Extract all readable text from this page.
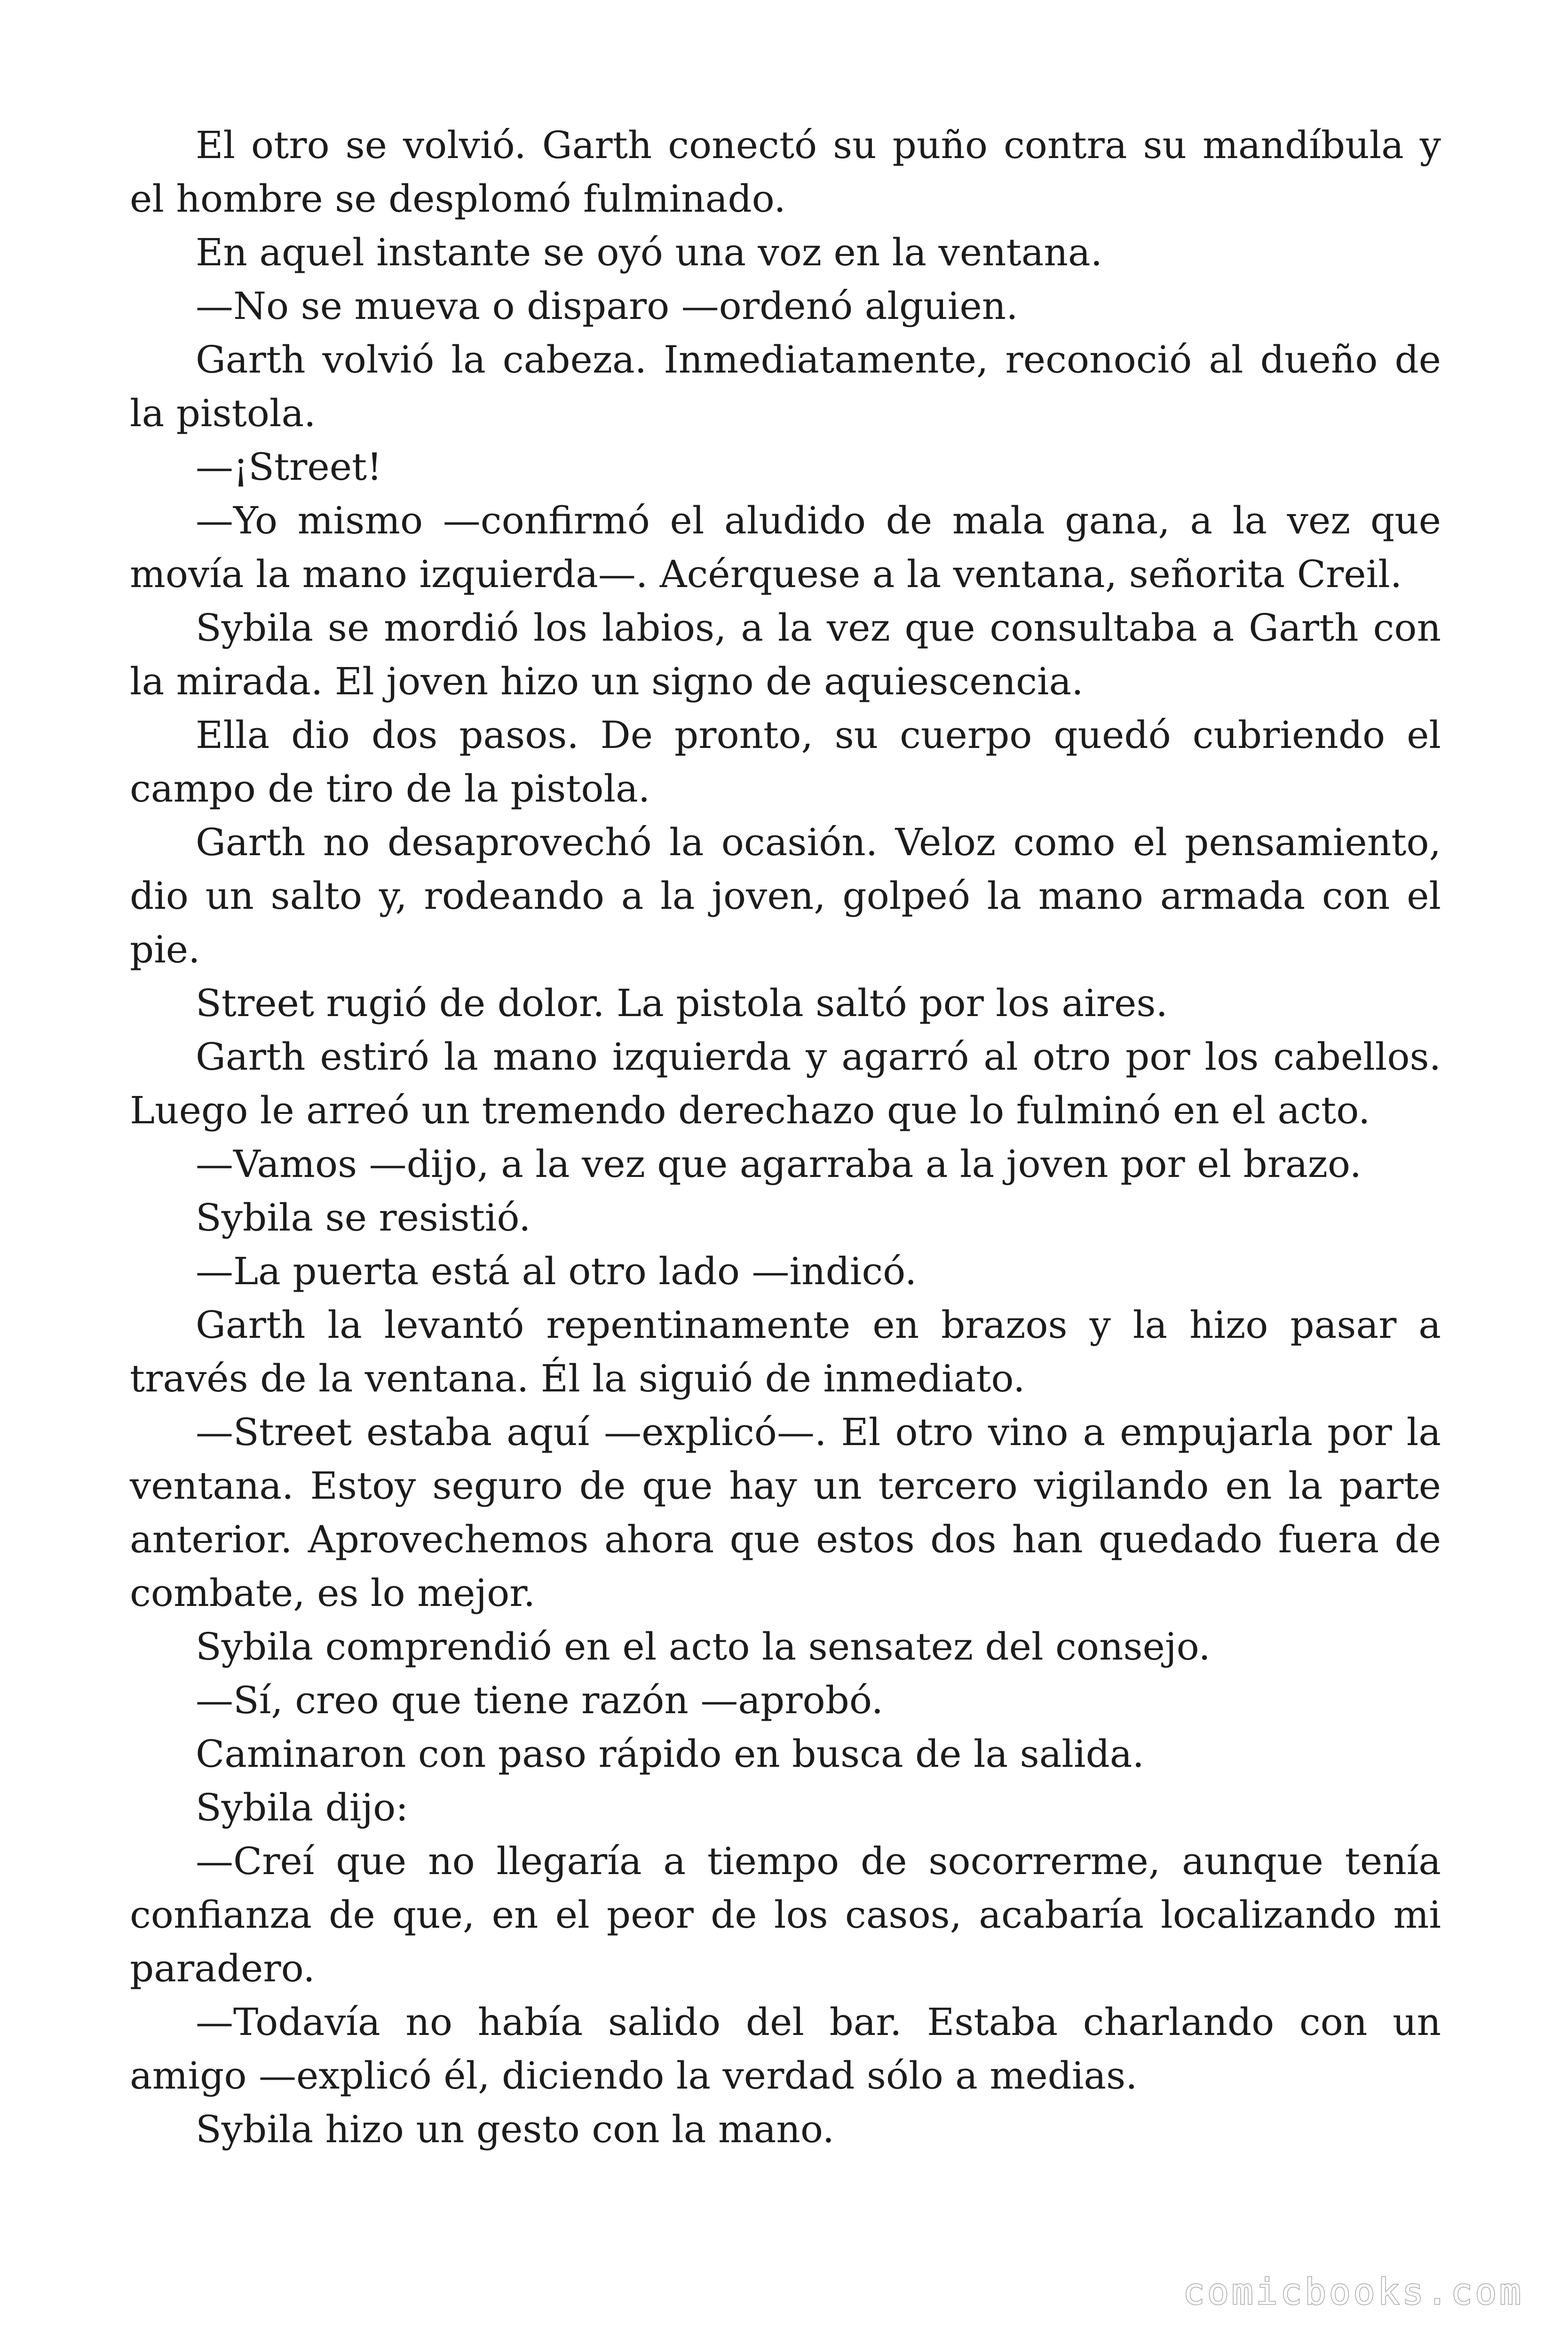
El otro se volvió. Garth conectó su puño contra su mandíbula y el hombre se desplomó fulminado.

En aquel instante se oyó una voz en la ventana.

—No se mueva o disparo —ordenó alguien.

Garth volvió la cabeza. Inmediatamente, reconoció al dueño de la pistola.

—¡Street!

—Yo mismo —confirmó el aludido de mala gana, a la vez que movía la mano izquierda—. Acérquese a la ventana, señorita Creil.

Sybila se mordió los labios, a la vez que consultaba a Garth con la mirada. El joven hizo un signo de aquiescencia.

Ella dio dos pasos. De pronto, su cuerpo quedó cubriendo el campo de tiro de la pistola.

Garth no desaprovechó la ocasión. Veloz como el pensamiento, dio un salto y, rodeando a la joven, golpeó la mano armada con el pie.

Street rugió de dolor. La pistola saltó por los aires.

Garth estiró la mano izquierda y agarró al otro por los cabellos. Luego le arreó un tremendo derechazo que lo fulminó en el acto.

—Vamos —dijo, a la vez que agarraba a la joven por el brazo.

Sybila se resistió.

—La puerta está al otro lado —indicó.

Garth la levantó repentinamente en brazos y la hizo pasar a través de la ventana. Él la siguió de inmediato.

—Street estaba aquí —explicó—. El otro vino a empujarla por la ventana. Estoy seguro de que hay un tercero vigilando en la parte anterior. Aprovechemos ahora que estos dos han quedado fuera de combate, es lo mejor.

Sybila comprendió en el acto la sensatez del consejo.

—Sí, creo que tiene razón —aprobó.

Caminaron con paso rápido en busca de la salida.

Sybila dijo:

—Creí que no llegaría a tiempo de socorrerme, aunque tenía confianza de que, en el peor de los casos, acabaría localizando mi paradero.

—Todavía no había salido del bar. Estaba charlando con un amigo —explicó él, diciendo la verdad sólo a medias.

Sybila hizo un gesto con la mano.

comicbooks.com
